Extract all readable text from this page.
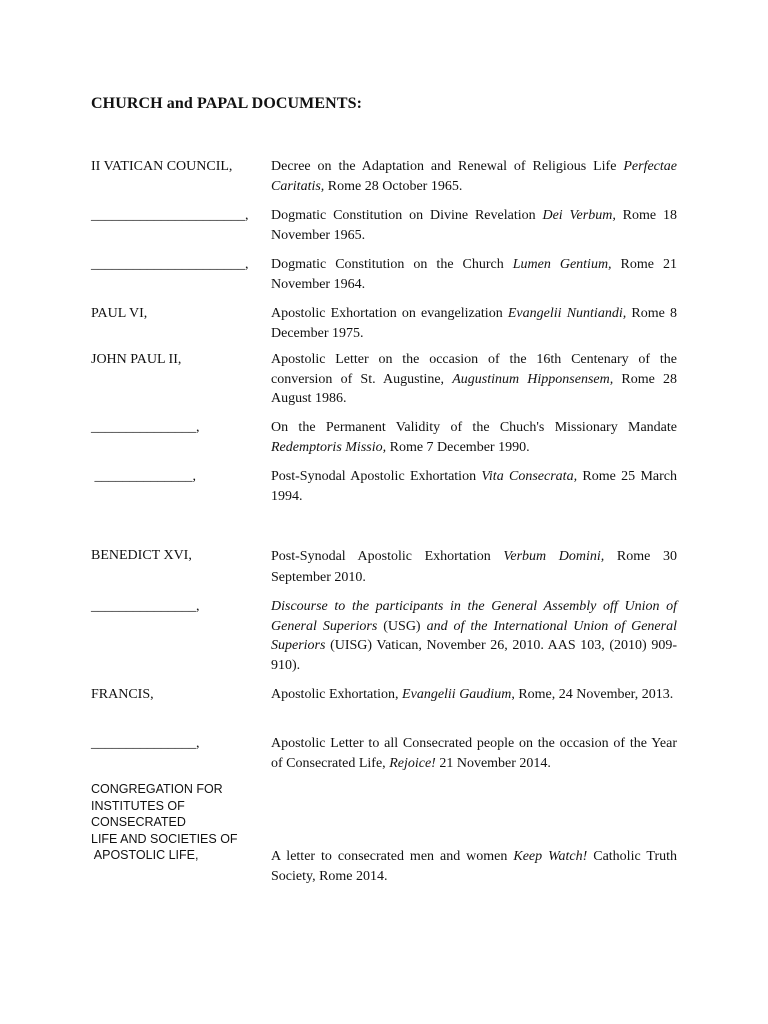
CHURCH and PAPAL DOCUMENTS:
II VATICAN COUNCIL,	Decree on the Adaptation and Renewal of Religious Life Perfectae Caritatis, Rome 28 October 1965.
______________________, Dogmatic Constitution on Divine Revelation Dei Verbum, Rome 18 November 1965.
______________________, Dogmatic Constitution on the Church Lumen Gentium, Rome 21 November 1964.
PAUL VI,	Apostolic Exhortation on evangelization Evangelii Nuntiandi, Rome 8 December 1975.
JOHN PAUL II,	Apostolic Letter on the occasion of the 16th Centenary of the conversion of St. Augustine, Augustinum Hipponsensem, Rome 28 August 1986.
_______________,	On the Permanent Validity of the Chuch's Missionary Mandate Redemptoris Missio, Rome 7 December 1990.
______________,	Post-Synodal Apostolic Exhortation Vita Consecrata, Rome 25 March 1994.
BENEDICT XVI,	Post-Synodal Apostolic Exhortation Verbum Domini, Rome 30 September 2010.
_______________,	Discourse to the participants in the General Assembly off Union of General Superiors (USG) and of the International Union of General Superiors (UISG) Vatican, November 26, 2010. AAS 103, (2010) 909-910).
FRANCIS,	Apostolic Exhortation, Evangelii Gaudium, Rome, 24 November, 2013.
_______________,	Apostolic Letter to all Consecrated people on the occasion of the Year of Consecrated Life, Rejoice! 21 November 2014.
CONGREGATION FOR
INSTITUTES OF
CONSECRATED
LIFE AND SOCIETIES OF
APOSTOLIC LIFE,	A letter to consecrated men and women Keep Watch! Catholic Truth Society, Rome 2014.
